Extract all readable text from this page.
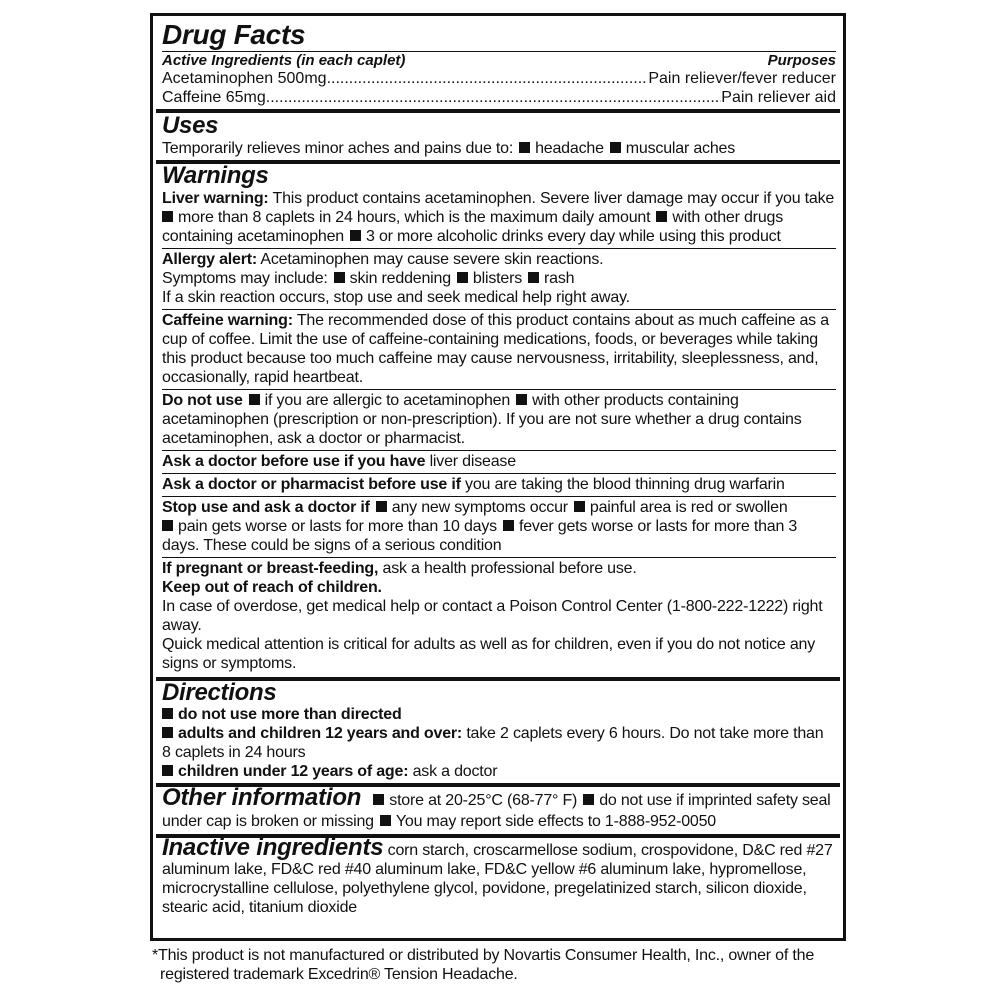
Drug Facts
Active Ingredients (in each caplet)	Purposes
Acetaminophen 500mg .....	Pain reliever/fever reducer
Caffeine 65mg .....	Pain reliever aid
Uses

Temporarily relieves minor aches and pains due to: headache muscular aches

Warnings

Liver warning: This product contains acetaminophen. Severe liver damage may occur if you take

more than 8 caplets in 24 hours, which is the maximum daily amount with other drugs containing acetaminophen 3 or more alcoholic drinks every day while using this product

Allergy alert: Acetaminophen may cause severe skin reactions.

Symptoms may include: skin reddening blisters rash

If a skin reaction occurs, stop use and seek medical help right away.

Caffeine warning: The recommended dose of this product contains about as much caffeine as a cup of coffee. Limit the use of caffeine-containing medications, foods, or beverages while taking this product because too much caffeine may cause nervousness, irritability, sleeplessness, and, occasionally, rapid heartbeat.

Do not use if you are allergic to acetaminophen with other products containing acetaminophen (prescription or non-prescription). If you are not sure whether a drug contains acetaminophen, ask a doctor or pharmacist.

Ask a doctor before use if you have liver disease

Ask a doctor or pharmacist before use if you are taking the blood thinning drug warfarin

Stop use and ask a doctor if any new symptoms occur painful area is red or swollen

pain gets worse or lasts for more than 10 days fever gets worse or lasts for more than 3 days. These could be signs of a serious condition

If pregnant or breast-feeding, ask a health professional before use.

Keep out of reach of children.

In case of overdose, get medical help or contact a Poison Control Center (1-800-222-1222) right away.

Quick medical attention is critical for adults as well as for children, even if you do not notice any signs or symptoms.

Directions

do not use more than directed

adults and children 12 years and over: take 2 caplets every 6 hours. Do not take more than 8 caplets in 24 hours

children under 12 years of age: ask a doctor

Other information store at 20-25°C (68-77° F) do not use if imprinted safety seal under cap is broken or missing You may report side effects to 1-888-952-0050

Inactive ingredients corn starch, croscarmellose sodium, crospovidone, D&C red #27 aluminum lake, FD&C red #40 aluminum lake, FD&C yellow #6 aluminum lake, hypromellose, microcrystalline cellulose, polyethylene glycol, povidone, pregelatinized starch, silicon dioxide, stearic acid, titanium dioxide

*This product is not manufactured or distributed by Novartis Consumer Health, Inc., owner of the
registered trademark Excedrin® Tension Headache.
